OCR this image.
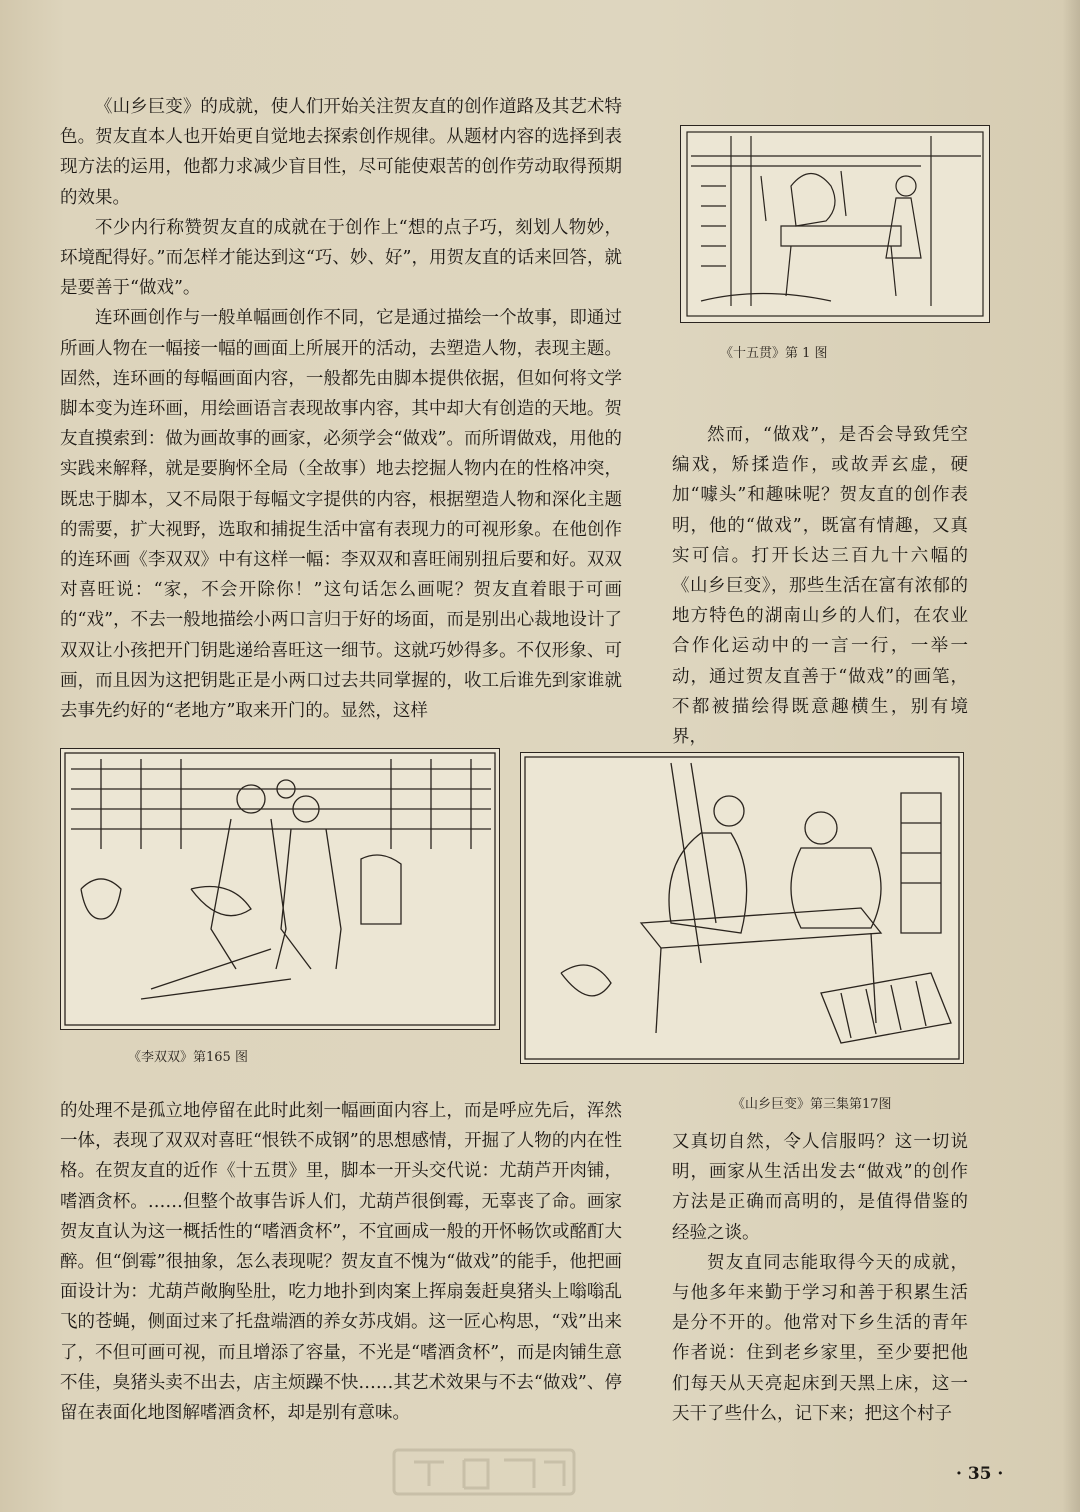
《山乡巨变》的成就，使人们开始关注贺友直的创作道路及其艺术特色。贺友直本人也开始更自觉地去探索创作规律。从题材内容的选择到表现方法的运用，他都力求减少盲目性，尽可能使艰苦的创作劳动取得预期的效果。

不少内行称赞贺友直的成就在于创作上“想的点子巧，刻划人物妙，环境配得好。”而怎样才能达到这“巧、妙、好”，用贺友直的话来回答，就是要善于“做戏”。

连环画创作与一般单幅画创作不同，它是通过描绘一个故事，即通过所画人物在一幅接一幅的画面上所展开的活动，去塑造人物，表现主题。固然，连环画的每幅画面内容，一般都先由脚本提供依据，但如何将文学脚本变为连环画，用绘画语言表现故事内容，其中却大有创造的天地。贺友直摸索到：做为画故事的画家，必须学会“做戏”。而所谓做戏，用他的实践来解释，就是要胸怀全局（全故事）地去挖掘人物内在的性格冲突，既忠于脚本，又不局限于每幅文字提供的内容，根据塑造人物和深化主题的需要，扩大视野，选取和捕捉生活中富有表现力的可视形象。在他创作的连环画《李双双》中有这样一幅：李双双和喜旺闹别扭后要和好。双双对喜旺说：“家，不会开除你！”这句话怎么画呢？贺友直着眼于可画的“戏”，不去一般地描绘小两口言归于好的场面，而是别出心裁地设计了双双让小孩把开门钥匙递给喜旺这一细节。这就巧妙得多。不仅形象、可画，而且因为这把钥匙正是小两口过去共同掌握的，收工后谁先到家谁就去事先约好的“老地方”取来开门的。显然，这样

《十五贯》第 1 图

然而，“做戏”，是否会导致凭空编戏，矫揉造作，或故弄玄虚，硬加“噱头”和趣味呢？贺友直的创作表明，他的“做戏”，既富有情趣，又真实可信。打开长达三百九十六幅的《山乡巨变》，那些生活在富有浓郁的地方特色的湖南山乡的人们，在农业合作化运动中的一言一行，一举一动，通过贺友直善于“做戏”的画笔，不都被描绘得既意趣横生，别有境界，

《李双双》第165 图
《山乡巨变》第三集第17图

的处理不是孤立地停留在此时此刻一幅画面内容上，而是呼应先后，浑然一体，表现了双双对喜旺“恨铁不成钢”的思想感情，开掘了人物的内在性格。在贺友直的近作《十五贯》里，脚本一开头交代说：尤葫芦开肉铺，嗜酒贪杯。……但整个故事告诉人们，尤葫芦很倒霉，无辜丧了命。画家贺友直认为这一概括性的“嗜酒贪杯”，不宜画成一般的开怀畅饮或酩酊大醉。但“倒霉”很抽象，怎么表现呢？贺友直不愧为“做戏”的能手，他把画面设计为：尤葫芦敞胸坠肚，吃力地扑到肉案上挥扇轰赶臭猪头上嗡嗡乱飞的苍蝇，侧面过来了托盘端酒的养女苏戌娟。这一匠心构思，“戏”出来了，不但可画可视，而且增添了容量，不光是“嗜酒贪杯”，而是肉铺生意不佳，臭猪头卖不出去，店主烦躁不快……其艺术效果与不去“做戏”、停留在表面化地图解嗜酒贪杯，却是别有意味。

又真切自然，令人信服吗？这一切说明，画家从生活出发去“做戏”的创作方法是正确而高明的，是值得借鉴的经验之谈。

贺友直同志能取得今天的成就，与他多年来勤于学习和善于积累生活是分不开的。他常对下乡生活的青年作者说：住到老乡家里，至少要把他们每天从天亮起床到天黑上床，这一天干了些什么，记下来；把这个村子

· 35 ·
